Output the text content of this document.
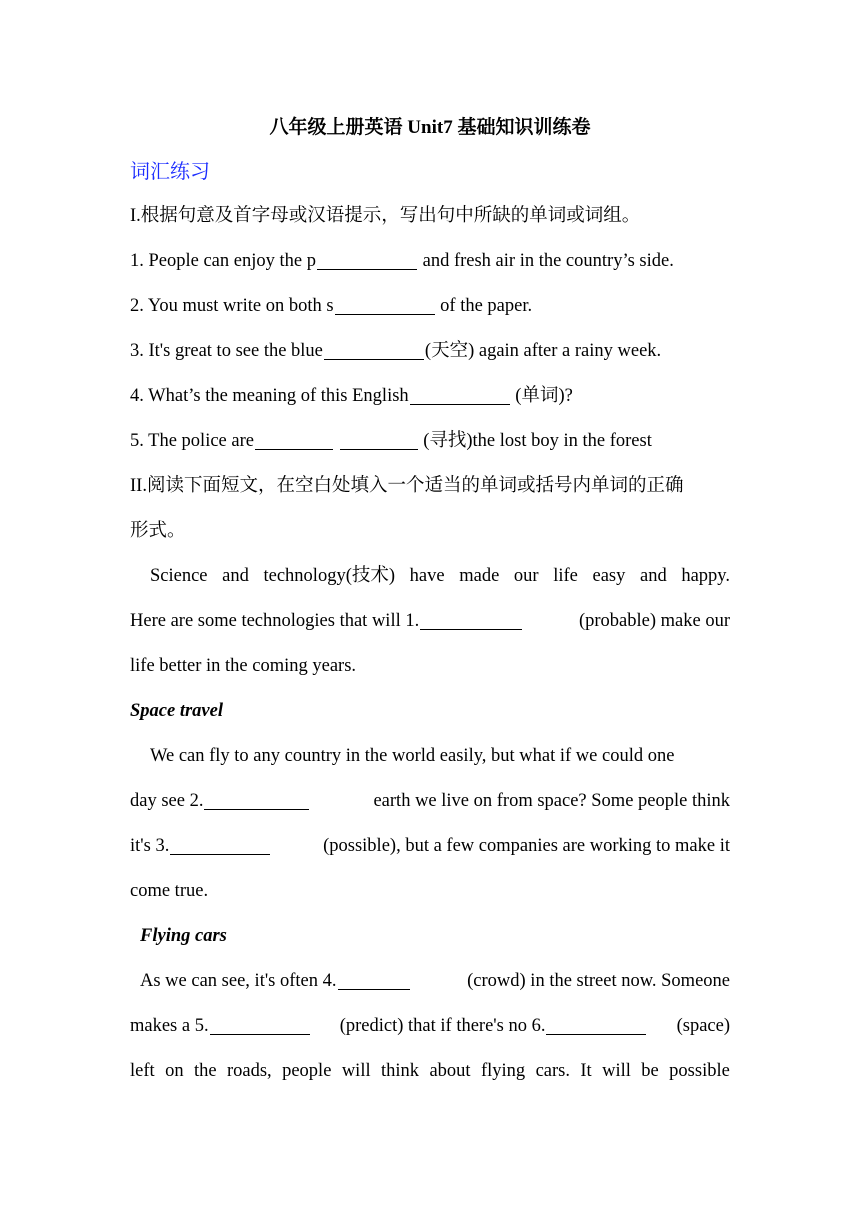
八年级上册英语 Unit7 基础知识训练卷
词汇练习
I.根据句意及首字母或汉语提示，写出句中所缺的单词或词组。
1. People can enjoy the p	and fresh air in the country’s side.
2. You must write on both s	of the paper.
3. It's great to see the blue	(天空) again after a rainy week.
4. What’s the meaning of this English	(单词)?
5. The police are	(寻找)the lost boy in the forest
II.阅读下面短文，在空白处填入一个适当的单词或括号内单词的正确
形式。
Science and technology(技术) have made our life easy and happy.
Here are some technologies that will 1.	(probable) make our
life better in the coming years.
Space travel
We can fly to any country in the world easily, but what if we could one
day see 2.	earth we live on from space? Some people think
it's 3.	(possible), but a few companies are working to make it
come true.
Flying cars
As we can see, it's often 4.	(crowd) in the street now. Someone
makes a 5.	(predict) that if there's no 6.	(space)
left on the roads, people will think about flying cars. It will be possible
